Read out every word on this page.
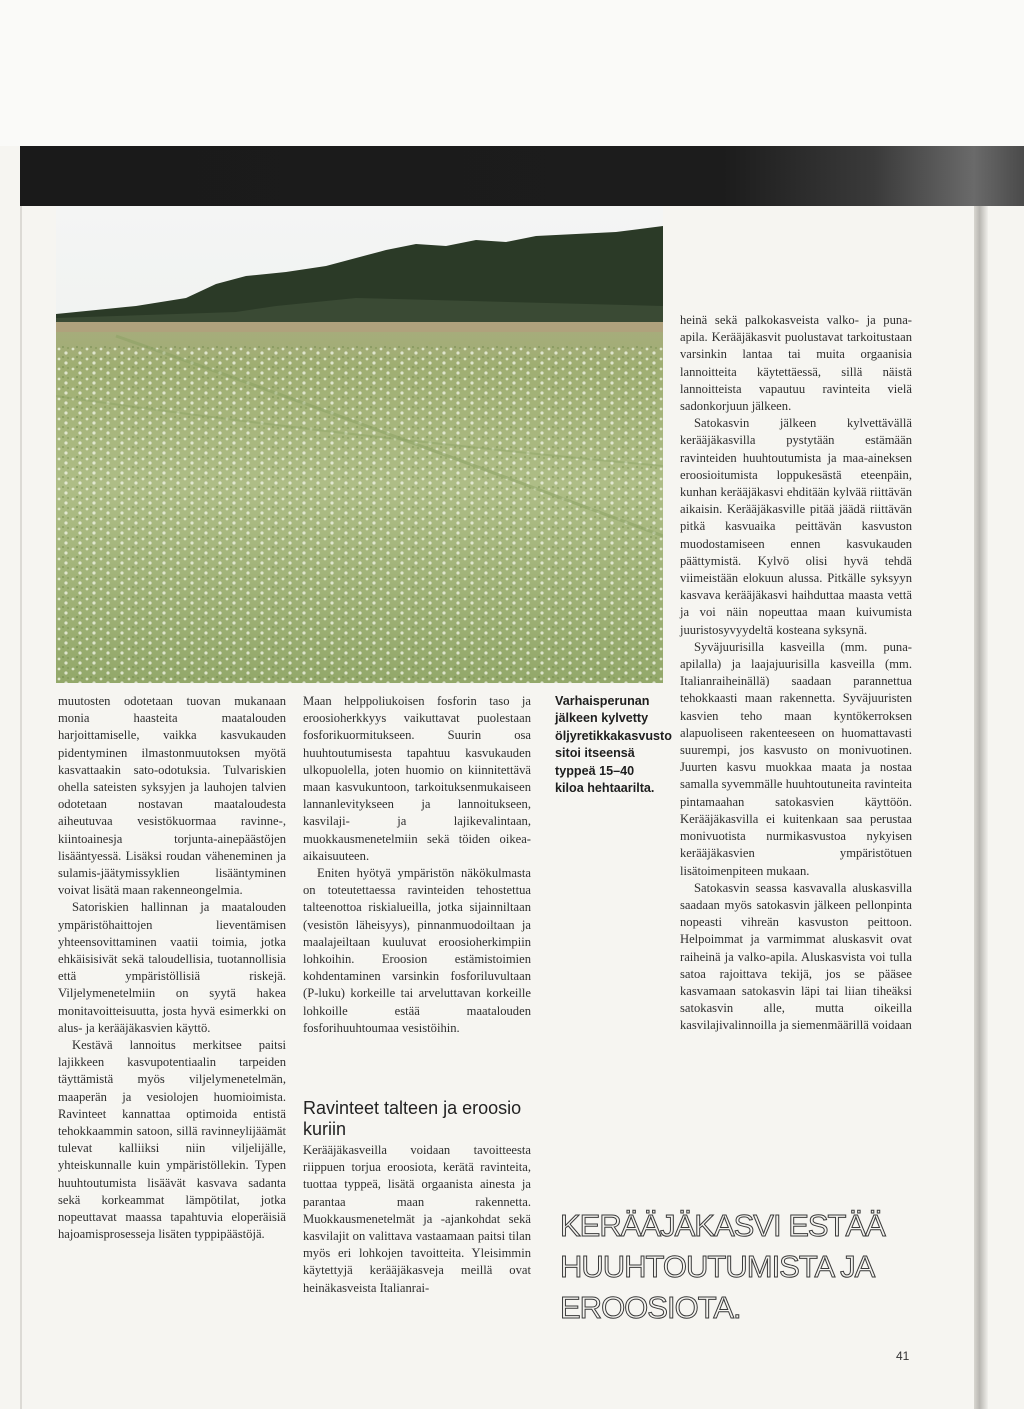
muutosten odotetaan tuovan mukanaan monia haasteita maatalouden harjoittamiselle, vaikka kasvukauden pidentyminen ilmastonmuutoksen myötä kasvattaakin sato-odotuksia. Tulvariskien ohella sateisten syksyjen ja lauhojen talvien odotetaan nostavan maataloudesta aiheutuvaa vesistökuormaa ravinne-, kiintoainesja torjunta-ainepäästöjen lisääntyessä. Lisäksi roudan väheneminen ja sulamis-jäätymissyklien lisääntyminen voivat lisätä maan rakenneongelmia.

Satoriskien hallinnan ja maatalouden ympäristöhaittojen lieventämisen yhteensovittaminen vaatii toimia, jotka ehkäisisivät sekä taloudellisia, tuotannollisia että ympäristöllisiä riskejä. Viljelymenetelmiin on syytä hakea monitavoitteisuutta, josta hyvä esimerkki on alus- ja kerääjäkasvien käyttö.

Kestävä lannoitus merkitsee paitsi lajikkeen kasvupotentiaalin tarpeiden täyttämistä myös viljelymenetelmän, maaperän ja vesiolojen huomioimista. Ravinteet kannattaa optimoida entistä tehokkaammin satoon, sillä ravinneylijäämät tulevat kalliiksi niin viljelijälle, yhteiskunnalle kuin ympäristöllekin. Typen huuhtoutumista lisäävät kasvava sadanta sekä korkeammat lämpötilat, jotka nopeuttavat maassa tapahtuvia eloperäisiä hajoamisprosesseja lisäten typpipäästöjä.

Maan helppoliukoisen fosforin taso ja eroosioherkkyys vaikuttavat puolestaan fosforikuormitukseen. Suurin osa huuhtoutumisesta tapahtuu kasvukauden ulkopuolella, joten huomio on kiinnitettävä maan kasvukuntoon, tarkoituksenmukaiseen lannanlevitykseen ja lannoitukseen, kasvilaji- ja lajikevalintaan, muokkausmenetelmiin sekä töiden oikea-aikaisuuteen.

Eniten hyötyä ympäristön näkökulmasta on toteutettaessa ravinteiden tehostettua talteenottoa riskialueilla, jotka sijainniltaan (vesistön läheisyys), pinnanmuodoiltaan ja maalajeiltaan kuuluvat eroosioherkimpiin lohkoihin. Eroosion estämistoimien kohdentaminen varsinkin fosforiluvultaan (P-luku) korkeille tai arveluttavan korkeille lohkoille estää maatalouden fosforihuuhtoumaa vesistöihin.

Ravinteet talteen ja eroosio kuriin

Kerääjäkasveilla voidaan tavoitteesta riippuen torjua eroosiota, kerätä ravinteita, tuottaa typpeä, lisätä orgaanista ainesta ja parantaa maan rakennetta. Muokkausmenetelmät ja -ajankohdat sekä kasvilajit on valittava vastaamaan paitsi tilan myös eri lohkojen tavoitteita. Yleisimmin käytettyjä kerääjäkasveja meillä ovat heinäkasveista Italianrai-

Varhaisperunan jälkeen kylvetty öljyretikkakasvusto sitoi itseensä typpeä 15–40 kiloa hehtaarilta.

heinä sekä palkokasveista valko- ja puna-apila. Kerääjäkasvit puolustavat tarkoitustaan varsinkin lantaa tai muita orgaanisia lannoitteita käytettäessä, sillä näistä lannoitteista vapautuu ravinteita vielä sadonkorjuun jälkeen.

Satokasvin jälkeen kylvettävällä kerääjäkasvilla pystytään estämään ravinteiden huuhtoutumista ja maa-aineksen eroosioitumista loppukesästä eteenpäin, kunhan kerääjäkasvi ehditään kylvää riittävän aikaisin. Kerääjäkasville pitää jäädä riittävän pitkä kasvuaika peittävän kasvuston muodostamiseen ennen kasvukauden päättymistä. Kylvö olisi hyvä tehdä viimeistään elokuun alussa. Pitkälle syksyyn kasvava kerääjäkasvi haihduttaa maasta vettä ja voi näin nopeuttaa maan kuivumista juuristosyvyydeltä kosteana syksynä.

Syväjuurisilla kasveilla (mm. puna-apilalla) ja laajajuurisilla kasveilla (mm. Italianraiheinällä) saadaan parannettua tehokkaasti maan rakennetta. Syväjuuristen kasvien teho maan kyntökerroksen alapuoliseen rakenteeseen on huomattavasti suurempi, jos kasvusto on monivuotinen. Juurten kasvu muokkaa maata ja nostaa samalla syvemmälle huuhtoutuneita ravinteita pintamaahan satokasvien käyttöön. Kerääjäkasvilla ei kuitenkaan saa perustaa monivuotista nurmikasvustoa nykyisen kerääjäkasvien ympäristötuen lisätoimenpiteen mukaan.

Satokasvin seassa kasvavalla aluskasvilla saadaan myös satokasvin jälkeen pellonpinta nopeasti vihreän kasvuston peittoon. Helpoimmat ja varmimmat aluskasvit ovat raiheinä ja valko-apila. Aluskasvista voi tulla satoa rajoittava tekijä, jos se pääsee kasvamaan satokasvin läpi tai liian tiheäksi satokasvin alle, mutta oikeilla kasvilajivalinnoilla ja siemenmäärillä voidaan

KERÄÄJÄKASVI ESTÄÄ HUUHTOUTUMISTA JA EROOSIOTA.
41
